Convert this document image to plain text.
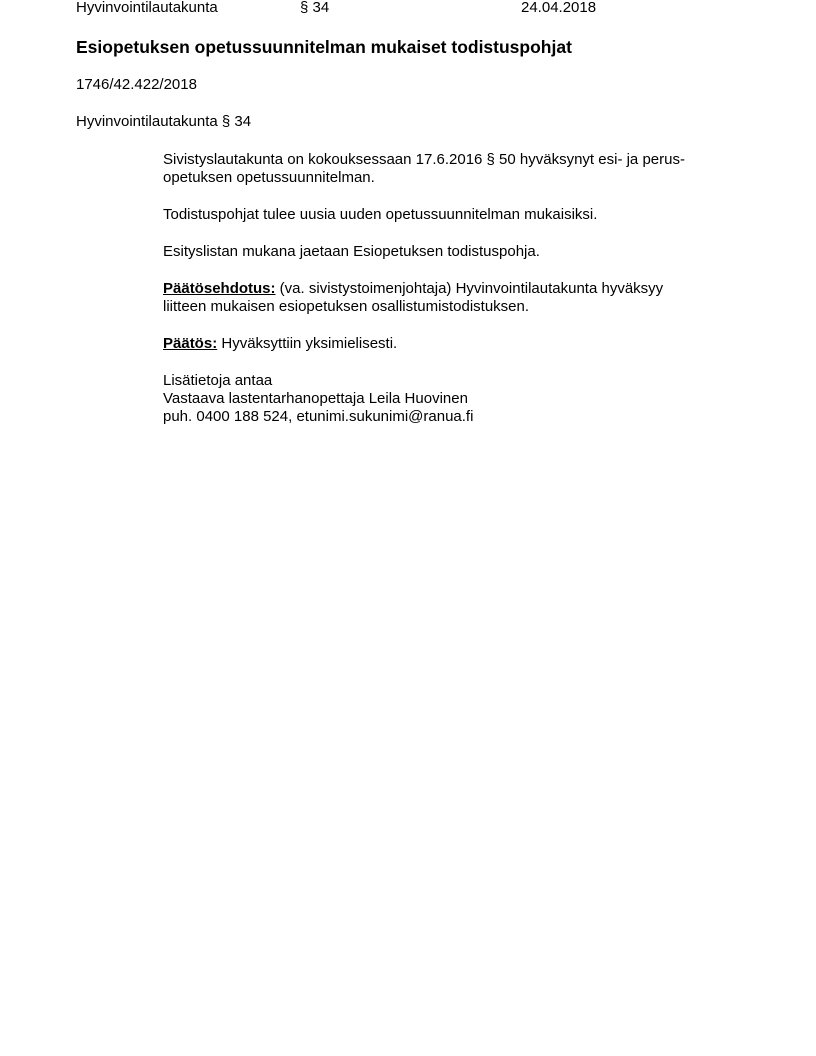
Hyvinvointilautakunta	§ 34	24.04.2018
Esiopetuksen opetussuunnitelman mukaiset todistuspohjat
1746/42.422/2018
Hyvinvointilautakunta § 34

Sivistyslautakunta on kokouksessaan 17.6.2016 § 50 hyväksynyt esi- ja perus-
opetuksen opetussuunnitelman.

Todistuspohjat tulee uusia uuden opetussuunnitelman mukaisiksi.

Esityslistan mukana jaetaan Esiopetuksen todistuspohja.

Päätösehdotus: (va. sivistystoimenjohtaja) Hyvinvointilautakunta hyväksyy
liitteen mukaisen esiopetuksen osallistumistodistuksen.

Päätös: Hyväksyttiin yksimielisesti.

Lisätietoja antaa
Vastaava lastentarhanopettaja Leila Huovinen
puh. 0400 188 524, etunimi.sukunimi@ranua.fi
